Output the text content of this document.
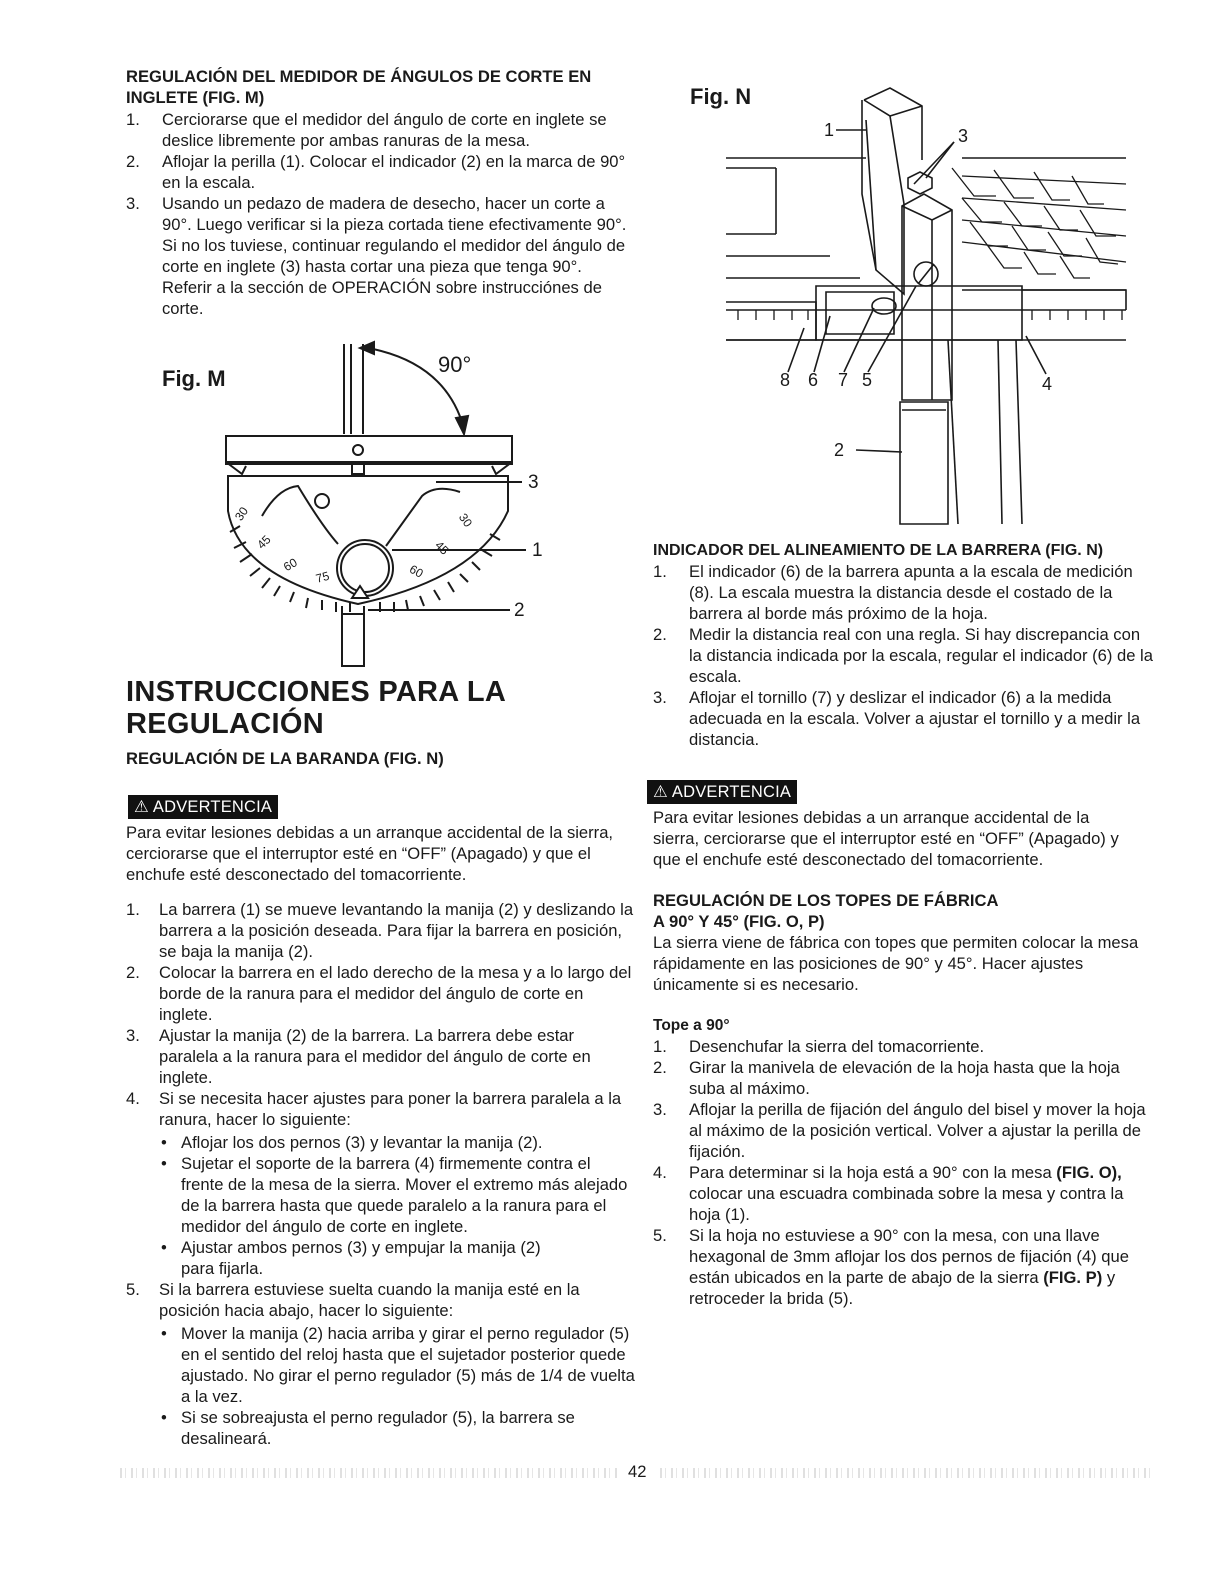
REGULACIÓN DEL MEDIDOR DE ÁNGULOS DE CORTE EN INGLETE (FIG. M)

1. Cerciorarse que el medidor del ángulo de corte en inglete se deslice libremente por ambas ranuras de la mesa.
2. Aflojar la perilla (1). Colocar el indicador (2) en la marca de 90° en la escala.
3. Usando un pedazo de madera de desecho, hacer un corte a 90°. Luego verificar si la pieza cortada tiene efectivamente 90°. Si no los tuviese, continuar regulando el medidor del ángulo de corte en inglete (3) hasta cortar una pieza que tenga 90°. Referir a la sección de OPERACIÓN sobre instrucciónes de corte.
Fig. M
90°
30
45
60
75	60
45
30
3
1
2
INSTRUCCIONES PARA LA REGULACIÓN

REGULACIÓN DE LA BARANDA (FIG. N)

⚠︎ ADVERTENCIA

Para evitar lesiones debidas a un arranque accidental de la sierra, cerciorarse que el interruptor esté en “OFF” (Apagado) y que el enchufe esté desconectado del tomacorriente.

1. La barrera (1) se mueve levantando la manija (2) y deslizando la barrera a la posición deseada. Para fijar la barrera en posición, se baja la manija (2).
2. Colocar la barrera en el lado derecho de la mesa y a lo largo del borde de la ranura para el medidor del ángulo de corte en inglete.
3. Ajustar la manija (2) de la barrera. La barrera debe estar paralela a la ranura para el medidor del ángulo de corte en inglete.
4. Si se necesita hacer ajustes para poner la barrera paralela a la ranura, hacer lo siguiente:
• Aflojar los dos pernos (3) y levantar la manija (2).
• Sujetar el soporte de la barrera (4) firmemente contra el frente de la mesa de la sierra. Mover el extremo más alejado de la barrera hasta que quede paralelo a la ranura para el medidor del ángulo de corte en inglete.
• Ajustar ambos pernos (3) y empujar la manija (2) para fijarla.
5. Si la barrera estuviese suelta cuando la manija esté en la posición hacia abajo, hacer lo siguiente:
• Mover la manija (2) hacia arriba y girar el perno regulador (5) en el sentido del reloj hasta que el sujetador posterior quede ajustado. No girar el perno regulador (5) más de 1/4 de vuelta a la vez.
• Si se sobreajusta el perno regulador (5), la barrera se desalineará.
Fig. N
1	3
8 6 7 5	4
2

INDICADOR DEL ALINEAMIENTO DE LA BARRERA (FIG. N)

1. El indicador (6) de la barrera apunta a la escala de medición (8). La escala muestra la distancia desde el costado de la barrera al borde más próximo de la hoja.
2. Medir la distancia real con una regla. Si hay discrepancia con la distancia indicada por la escala, regular el indicador (6) de la escala.
3. Aflojar el tornillo (7) y deslizar el indicador (6) a la medida adecuada en la escala. Volver a ajustar el tornillo y a medir la distancia.
⚠︎ ADVERTENCIA

Para evitar lesiones debidas a un arranque accidental de la sierra, cerciorarse que el interruptor esté en “OFF” (Apagado) y que el enchufe esté desconectado del tomacorriente.

REGULACIÓN DE LOS TOPES DE FÁBRICA A 90° Y 45° (FIG. O, P)

La sierra viene de fábrica con topes que permiten colocar la mesa rápidamente en las posiciones de 90° y 45°. Hacer ajustes únicamente si es necesario.

Tope a 90°

1. Desenchufar la sierra del tomacorriente.
2. Girar la manivela de elevación de la hoja hasta que la hoja suba al máximo.
3. Aflojar la perilla de fijación del ángulo del bisel y mover la hoja al máximo de la posición vertical. Volver a ajustar la perilla de fijación.
4. Para determinar si la hoja está a 90° con la mesa (FIG. O), colocar una escuadra combinada sobre la mesa y contra la hoja (1).
5. Si la hoja no estuviese a 90° con la mesa, con una llave hexagonal de 3mm aflojar los dos pernos de fijación (4) que están ubicados en la parte de abajo de la sierra (FIG. P) y retroceder la brida (5).
42
